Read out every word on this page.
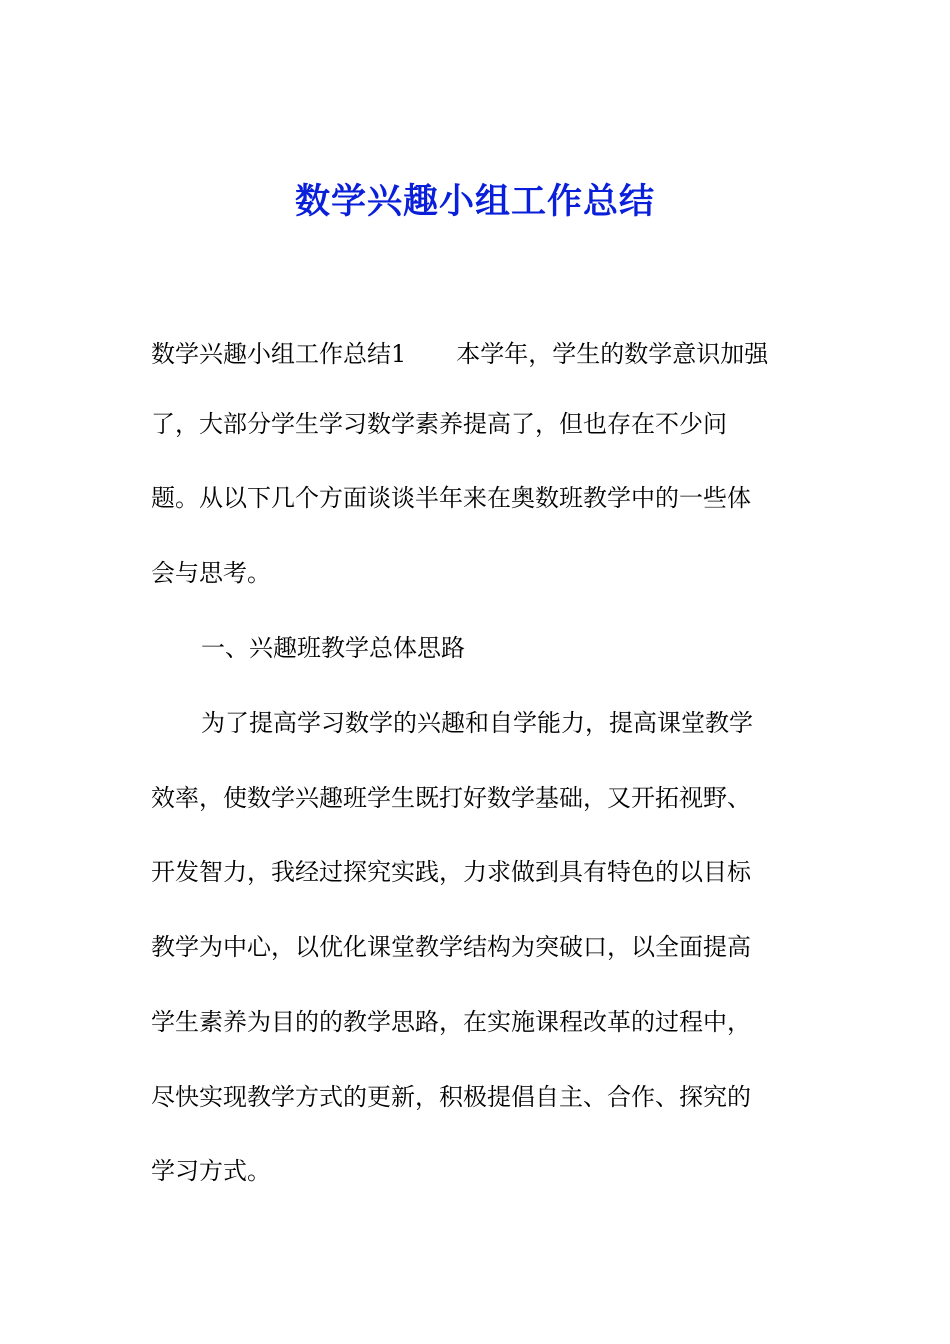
数学兴趣小组工作总结
数学兴趣小组工作总结1 本学年，学生的数学意识加强
了，大部分学生学习数学素养提高了，但也存在不少问
题。从以下几个方面谈谈半年来在奥数班教学中的一些体
会与思考。
一、兴趣班教学总体思路
为了提高学习数学的兴趣和自学能力，提高课堂教学
效率，使数学兴趣班学生既打好数学基础，又开拓视野、
开发智力，我经过探究实践，力求做到具有特色的以目标
教学为中心，以优化课堂教学结构为突破口，以全面提高
学生素养为目的的教学思路，在实施课程改革的过程中，
尽快实现教学方式的更新，积极提倡自主、合作、探究的
学习方式。
